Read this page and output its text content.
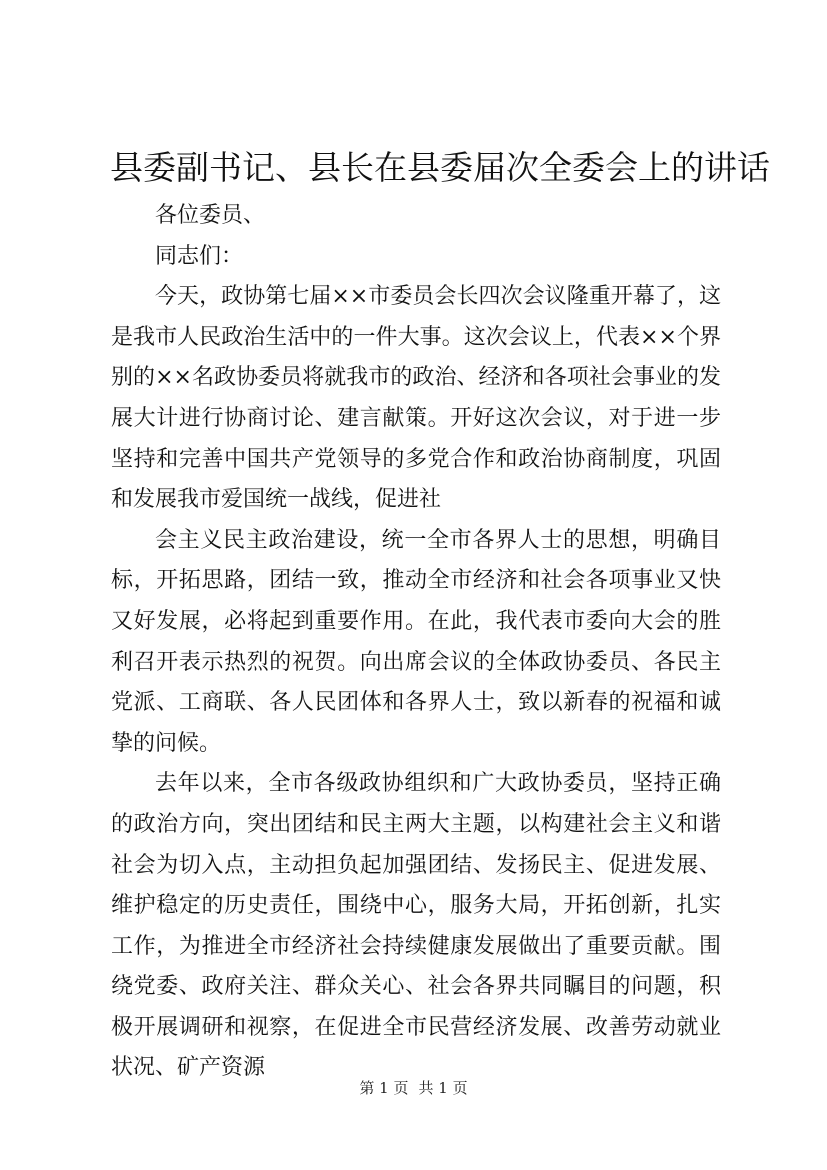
县委副书记、县长在县委届次全委会上的讲话

各位委员、

同志们：

今天，政协第七届××市委员会长四次会议隆重开幕了，这是我市人民政治生活中的一件大事。这次会议上，代表××个界别的××名政协委员将就我市的政治、经济和各项社会事业的发展大计进行协商讨论、建言献策。开好这次会议，对于进一步坚持和完善中国共产党领导的多党合作和政治协商制度，巩固和发展我市爱国统一战线，促进社

会主义民主政治建设，统一全市各界人士的思想，明确目标，开拓思路，团结一致，推动全市经济和社会各项事业又快又好发展，必将起到重要作用。在此，我代表市委向大会的胜利召开表示热烈的祝贺。向出席会议的全体政协委员、各民主党派、工商联、各人民团体和各界人士，致以新春的祝福和诚挚的问候。

去年以来，全市各级政协组织和广大政协委员，坚持正确的政治方向，突出团结和民主两大主题，以构建社会主义和谐社会为切入点，主动担负起加强团结、发扬民主、促进发展、维护稳定的历史责任，围绕中心，服务大局，开拓创新，扎实工作，为推进全市经济社会持续健康发展做出了重要贡献。围绕党委、政府关注、群众关心、社会各界共同瞩目的问题，积极开展调研和视察，在促进全市民营经济发展、改善劳动就业状况、矿产资源

第 1 页 共 1 页
